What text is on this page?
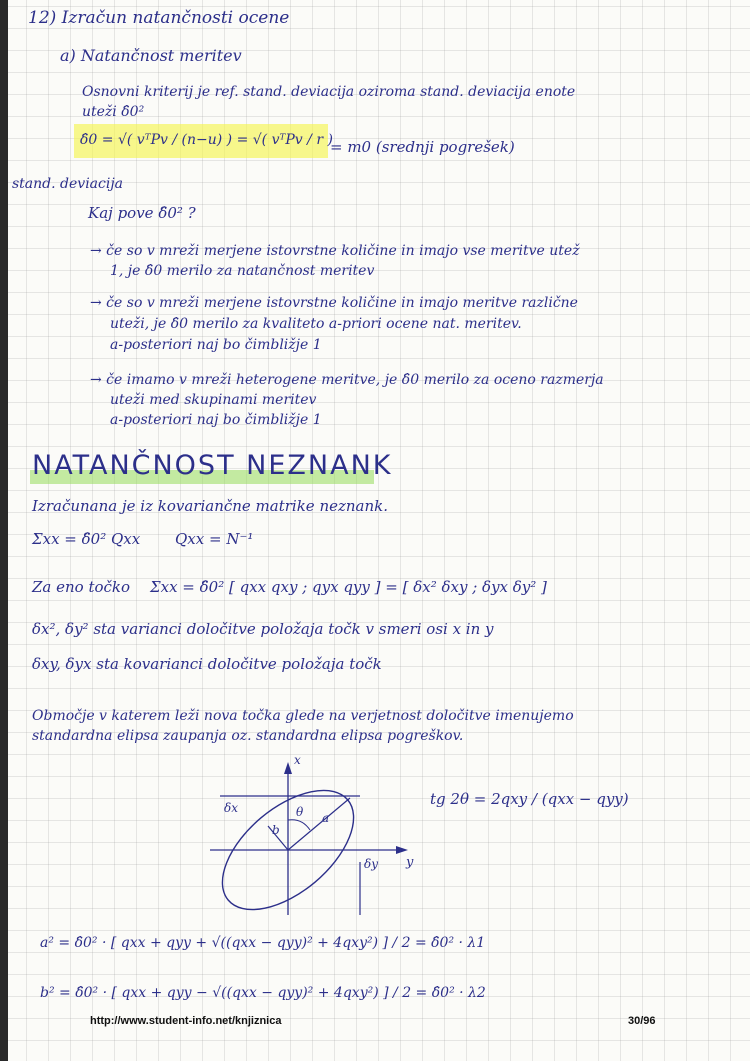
12) Izračun natančnosti ocene
a) Natančnost meritev
Osnovni kriterij je ref. stand. deviacija oziroma stand. deviacija enote
uteži δ̂0²
δ̂0 = √( vᵀPv / (n−u) ) = √( vᵀPv / r )
= m0 (srednji pogrešek)
stand. deviacija
Kaj pove δ̂0² ?
→ če so v mreži merjene istovrstne količine in imajo vse meritve utež
1, je δ̂0 merilo za natančnost meritev
→ če so v mreži merjene istovrstne količine in imajo meritve različne
uteži, je δ̂0 merilo za kvaliteto a-priori ocene nat. meritev.
a-posteriori naj bo čimbližje 1
→ če imamo v mreži heterogene meritve, je δ̂0 merilo za oceno razmerja
uteži med skupinami meritev
a-posteriori naj bo čimbližje 1
NATANČNOST NEZNANK
Izračunana je iz kovariančne matrike neznank.
Σxx = δ̂0² Qxx Qxx = N⁻¹
Za eno točko Σxx = δ̂0² [ qxx qxy ; qyx qyy ] = [ δx² δxy ; δyx δy² ]
δx², δy² sta varianci določitve položaja točk v smeri osi x in y
δxy, δyx sta kovarianci določitve položaja točk
Območje v katerem leži nova točka glede na verjetnost določitve imenujemo
standardna elipsa zaupanja oz. standardna elipsa pogreškov.
x
y
δx
δy
θ a
b
tg 2θ = 2qxy / (qxx − qyy)
a² = δ̂0² · [ qxx + qyy + √((qxx − qyy)² + 4qxy²) ] / 2 = δ̂0² · λ1
b² = δ̂0² · [ qxx + qyy − √((qxx − qyy)² + 4qxy²) ] / 2 = δ̂0² · λ2
http://www.student-info.net/knjiznica	30/96
